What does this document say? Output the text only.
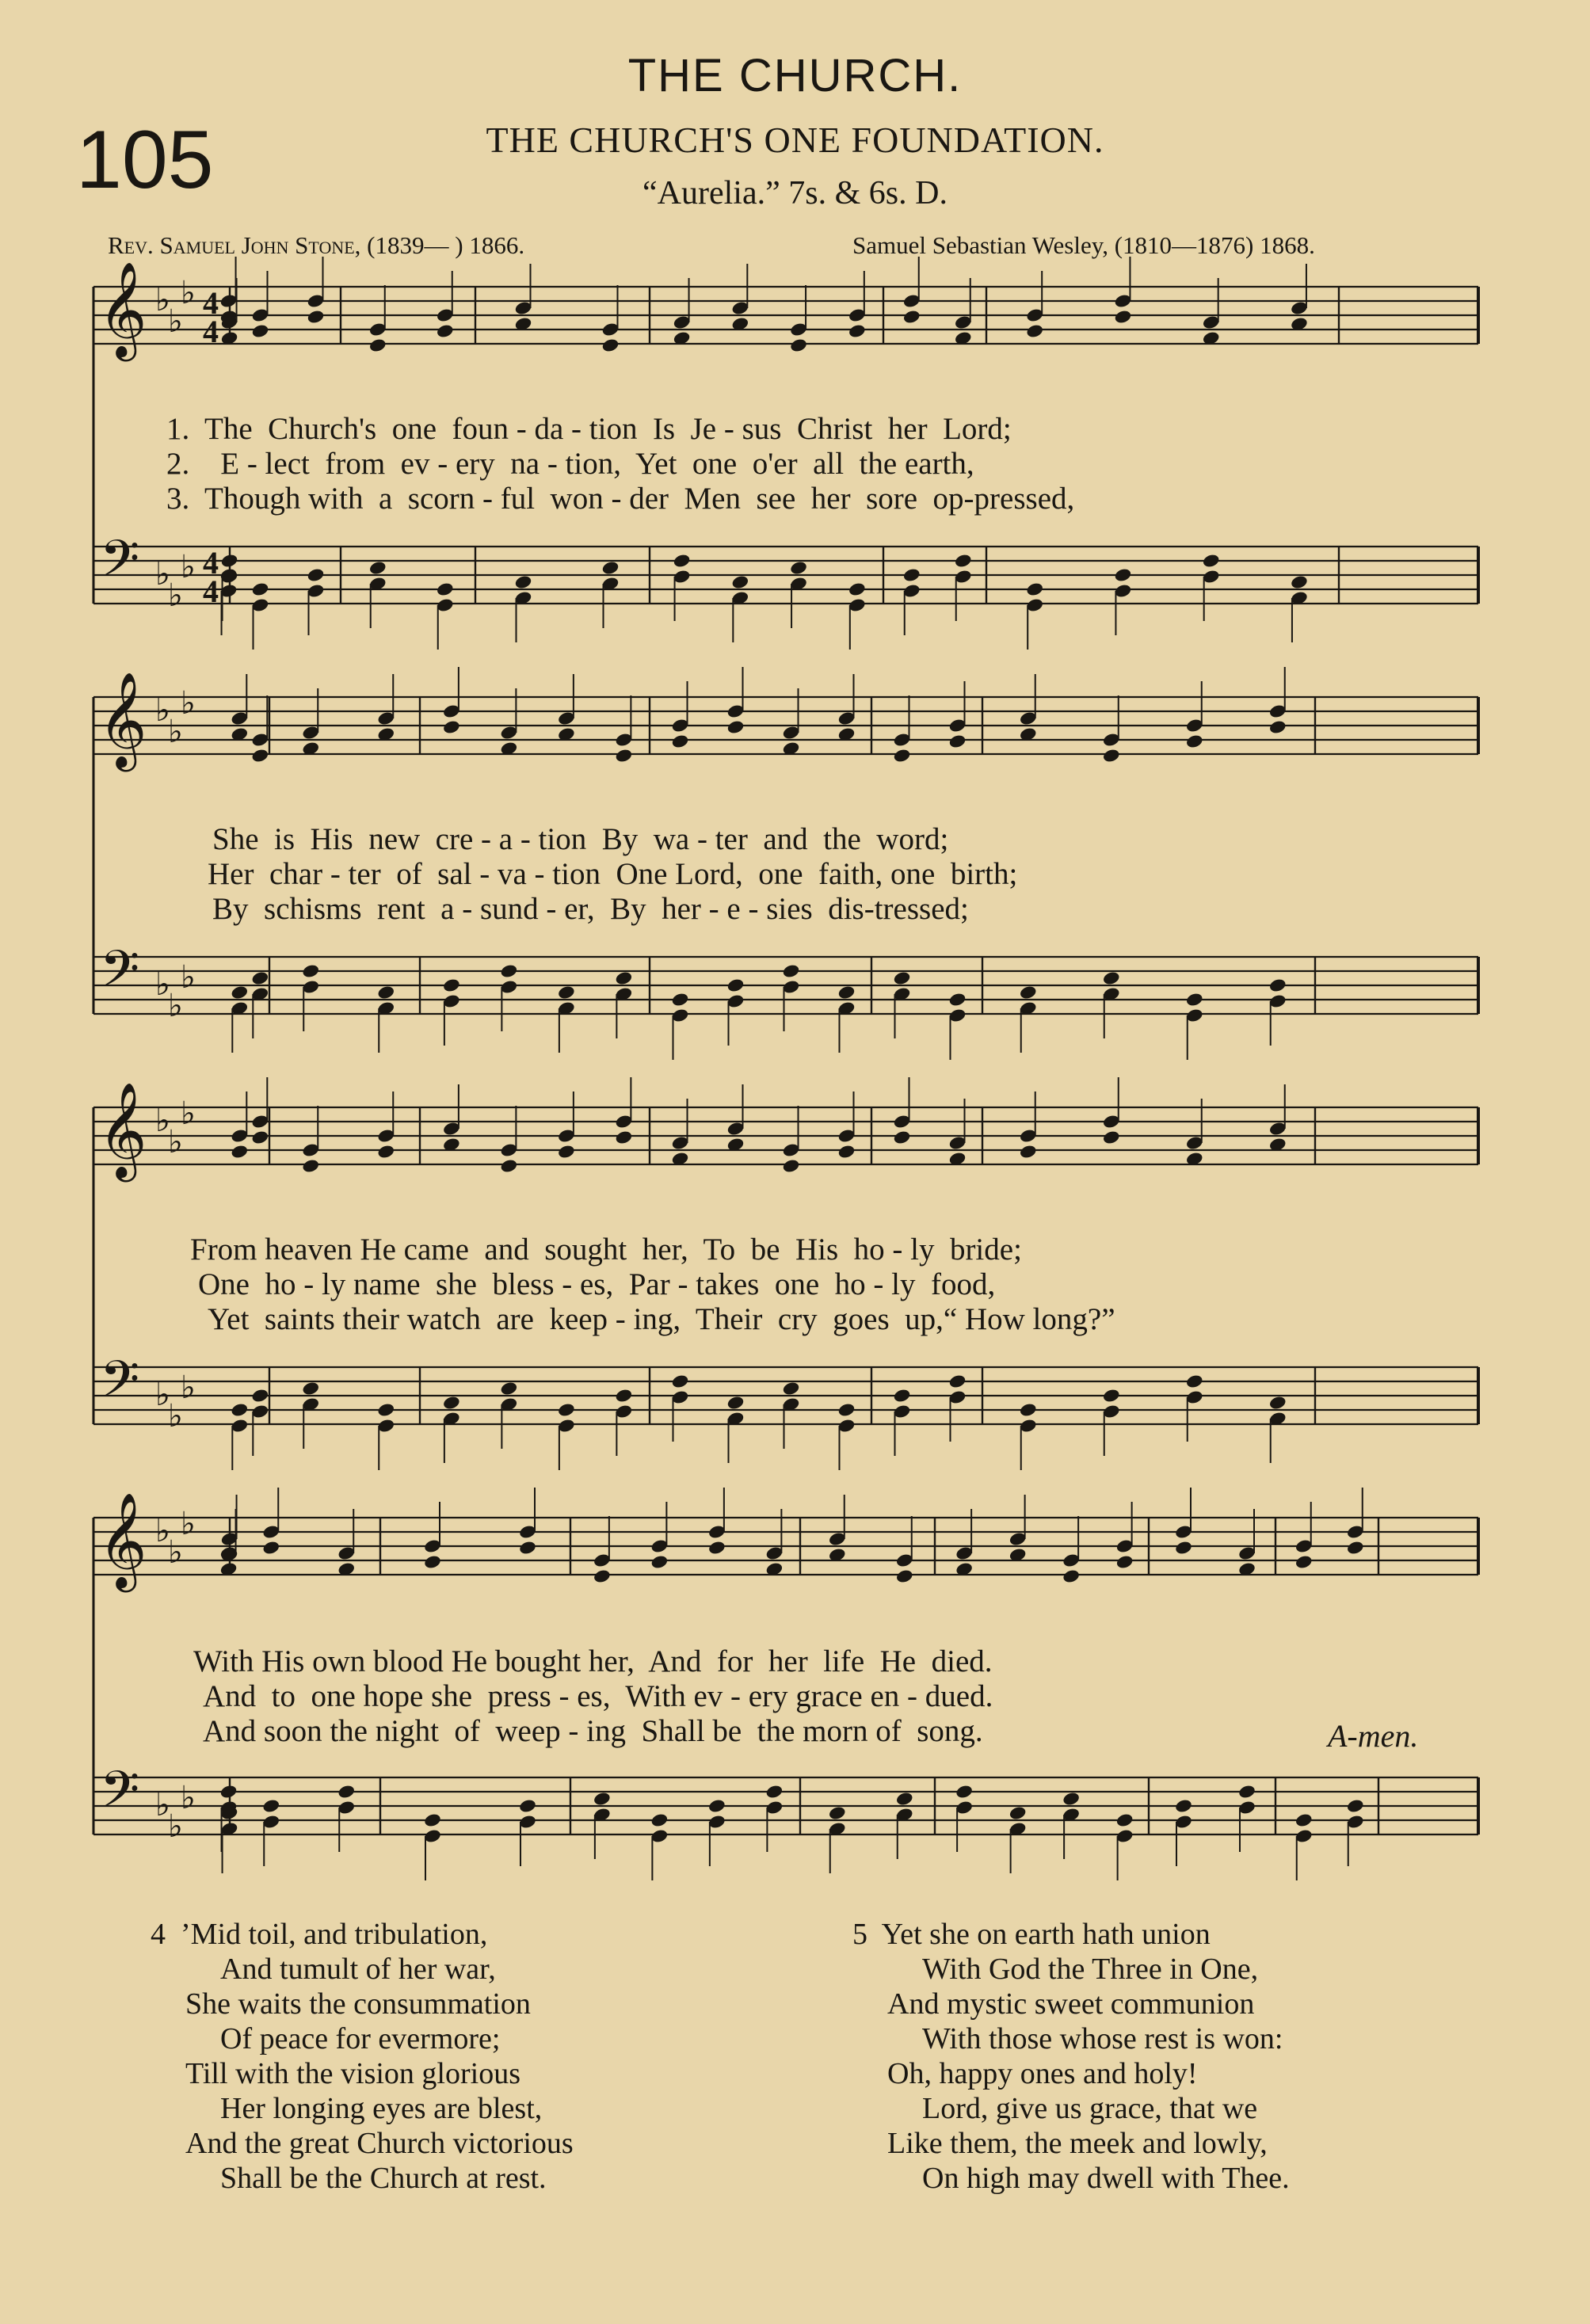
THE CHURCH.
105	THE CHURCH'S ONE FOUNDATION.
“Aurelia.” 7s. & 6s. D.
Rev. Samuel John Stone, (1839— ) 1866.	Samuel Sebastian Wesley, (1810—1876) 1868.
𝄞
𝄢
♭
♭
♭
♭
♭
♭
4
4
4
4
𝄞
𝄢
♭
♭
♭
♭
♭
♭
𝄞
𝄢
♭
♭
♭
♭
♭
♭
𝄞
𝄢
♭
♭
♭
♭
♭
♭
1.  The  Church's  one  foun - da - tion  Is  Je - sus  Christ  her  Lord;
2.    E - lect  from  ev - ery  na - tion,  Yet  one  o'er  all  the earth,
3.  Though with  a  scorn - ful  won - der  Men  see  her  sore  op-pressed,
She  is  His  new  cre - a - tion  By  wa - ter  and  the  word;
Her  char - ter  of  sal - va - tion  One Lord,  one  faith, one  birth;
By  schisms  rent  a - sund - er,  By  her - e - sies  dis-tressed;
From heaven He came  and  sought  her,  To  be  His  ho - ly  bride;
One  ho - ly name  she  bless - es,  Par - takes  one  ho - ly  food,
Yet  saints their watch  are  keep - ing,  Their  cry  goes  up,“ How long?”
With His own blood He bought her,  And  for  her  life  He  died.
And  to  one hope she  press - es,  With ev - ery grace en - dued.
And soon the night  of  weep - ing  Shall be  the morn of  song.	A-men.
4 ’Mid toil, and tribulation,
And tumult of her war,
She waits the consummation
Of peace for evermore;
Till with the vision glorious
Her longing eyes are blest,
And the great Church victorious
Shall be the Church at rest.
5 Yet she on earth hath union
With God the Three in One,
And mystic sweet communion
With those whose rest is won:
Oh, happy ones and holy!
Lord, give us grace, that we
Like them, the meek and lowly,
On high may dwell with Thee.
